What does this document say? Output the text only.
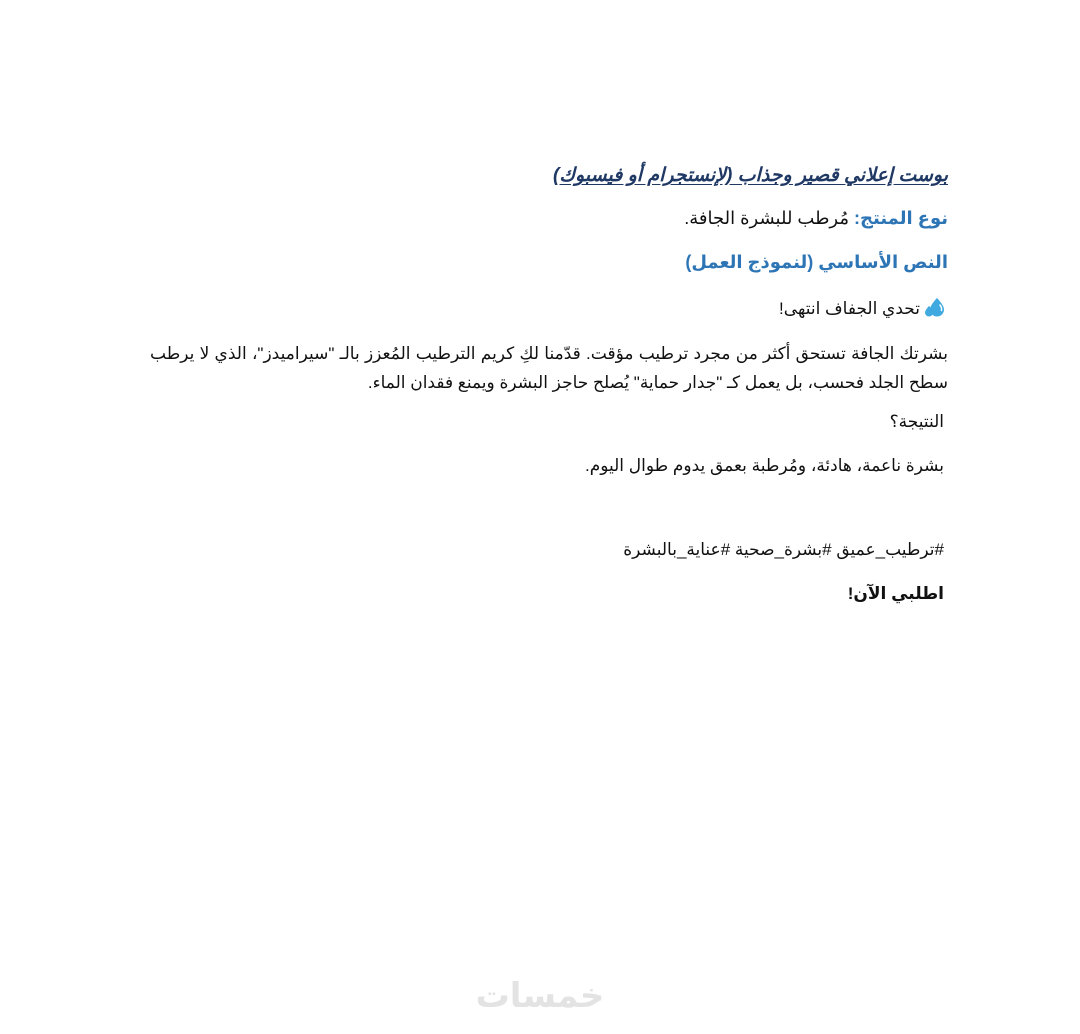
بوست إعلاني قصير وجذاب (لإنستجرام أو فيسبوك)
نوع المنتج: مُرطب للبشرة الجافة.
النص الأساسي (لنموذج العمل)
تحدي الجفاف انتهى!
بشرتك الجافة تستحق أكثر من مجرد ترطيب مؤقت. قدّمنا لكِ كريم الترطيب المُعزز بالـ "سيراميدز"، الذي لا يرطب سطح الجلد فحسب، بل يعمل كـ "جدار حماية" يُصلح حاجز البشرة ويمنع فقدان الماء.
النتيجة؟
بشرة ناعمة، هادئة، ومُرطبة بعمق يدوم طوال اليوم.
#ترطيب_عميق #بشرة_صحية #عناية_بالبشرة
اطلبي الآن!
خمسات
